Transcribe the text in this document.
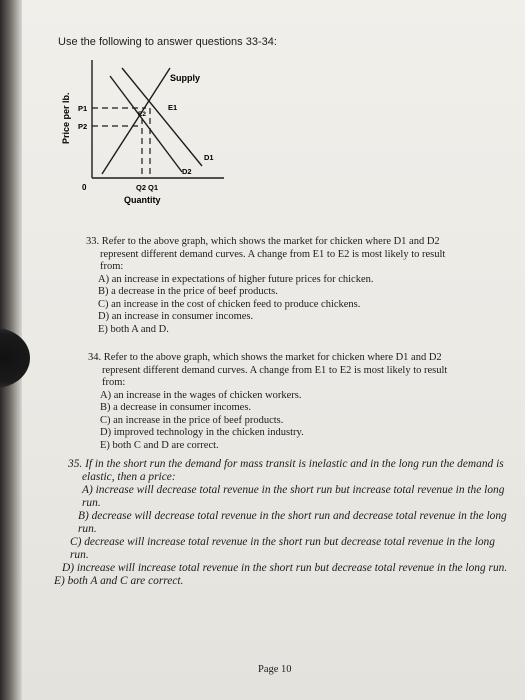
Use the following to answer questions 33-34:
Price per lb.
Supply
P1
P2
E1
E2
D1
D2
0	Q2 Q1
Quantity
33. Refer to the above graph, which shows the market for chicken where D1 and D2 represent different demand curves. A change from E1 to E2 is most likely to result from:
A) an increase in expectations of higher future prices for chicken.
B) a decrease in the price of beef products.
C) an increase in the cost of chicken feed to produce chickens.
D) an increase in consumer incomes.
E) both A and D.
34. Refer to the above graph, which shows the market for chicken where D1 and D2 represent different demand curves. A change from E1 to E2 is most likely to result from:
A) an increase in the wages of chicken workers.
B) a decrease in consumer incomes.
C) an increase in the price of beef products.
D) improved technology in the chicken industry.
E) both C and D are correct.
35. If in the short run the demand for mass transit is inelastic and in the long run the demand is elastic, then a price:
A) increase will decrease total revenue in the short run but increase total revenue in the long run.
B) decrease will decrease total revenue in the short run and decrease total revenue in the long run.
C) decrease will increase total revenue in the short run but decrease total revenue in the long run.
D) increase will increase total revenue in the short run but decrease total revenue in the long run.
E) both A and C are correct.
Page 10
